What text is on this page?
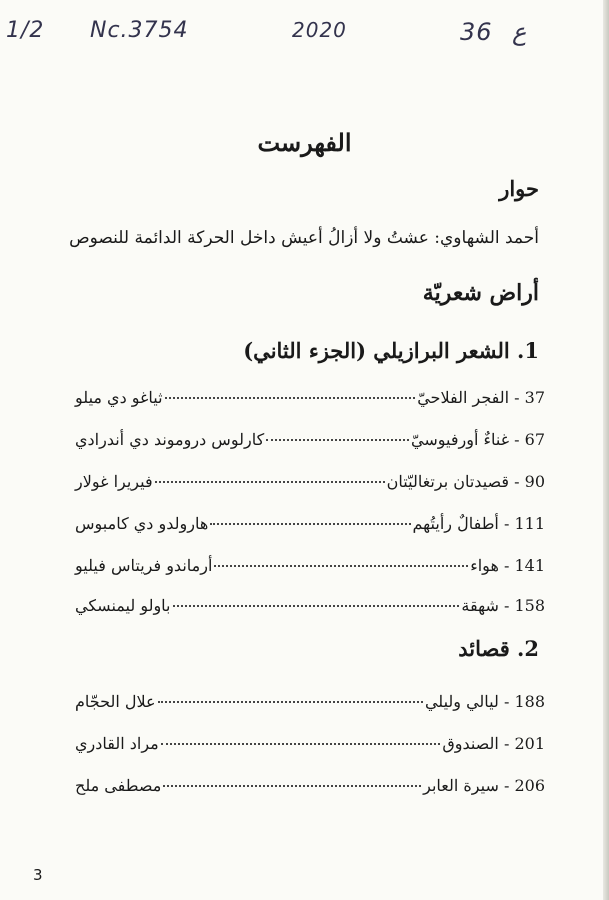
1/2 Nc.3754	2020	36 ع
الفهرست
حوار
أحمد الشهاوي: عشتُ ولا أزالُ أعيش داخل الحركة الدائمة للنصوص
أراض شعريّة
1. الشعر البرازيلي (الجزء الثاني)
37 - الفجر الفلاحيّ
ثياغو دي ميلو
67 - غناءٌ أورفيوسيّ
كارلوس دروموند دي أندرادي
90 - قصيدتان برتغاليّتان
فيريرا غولار
111 - أطفالٌ رأيتُهم
هارولدو دي كامبوس
141 - هواء
أرماندو فريتاس فيليو
158 - شهقة
باولو ليمنسكي
2. قصائد
188 - ليالي وليلي
علال الحجّام
201 - الصندوق
مراد القادري
206 - سيرة العابر
مصطفى ملح
3
